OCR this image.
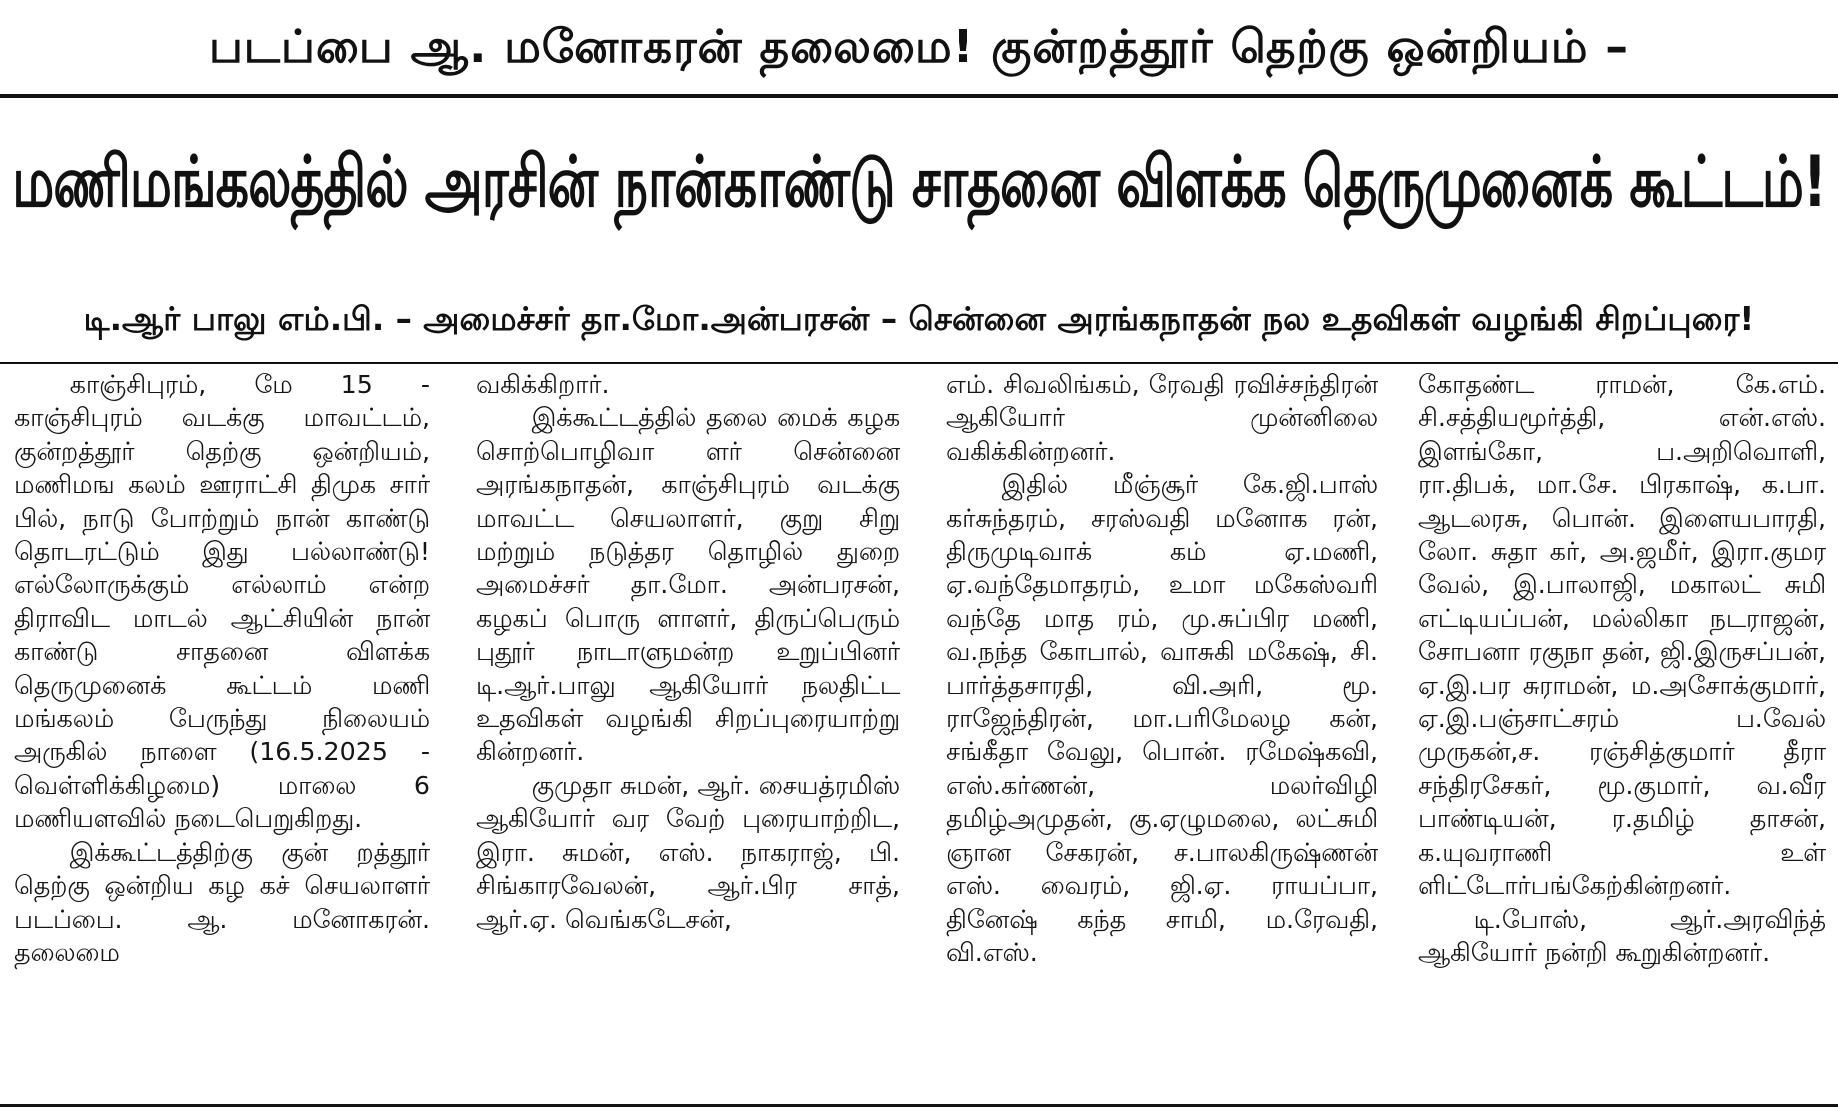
படப்பை ஆ. மனோகரன் தலைமை! குன்றத்தூர் தெற்கு ஒன்றியம் –
மணிமங்கலத்தில் அரசின் நான்காண்டு சாதனை விளக்க தெருமுனைக் கூட்டம்!
டி.ஆர் பாலு எம்.பி. – அமைச்சர் தா.மோ.அன்பரசன் – சென்னை அரங்கநாதன் நல உதவிகள் வழங்கி சிறப்புரை!

காஞ்சிபுரம், மே 15 - காஞ்சிபுரம் வடக்கு மாவட்டம், குன்றத்தூர் தெற்கு ஒன்றியம், மணிமங கலம் ஊராட்சி திமுக சார் பில், நாடு போற்றும் நான் காண்டு தொடரட்டும் இது பல்லாண்டு!எல்லோருக்கும் எல்லாம் என்ற திராவிட மாடல் ஆட்சியின் நான் காண்டு சாதனை விளக்க தெருமுனைக் கூட்டம் மணி மங்கலம் பேருந்து நிலையம் அருகில் நாளை (16.5.2025 - வெள்ளிக்கிழமை) மாலை 6 மணியளவில் நடைபெறுகிறது.

இக்கூட்டத்திற்கு குன் றத்தூர் தெற்கு ஒன்றிய கழ கச் செயலாளர் படப்பை. ஆ. மனோகரன். தலைமை

வகிக்கிறார்.

இக்கூட்டத்தில் தலை மைக் கழக சொற்பொழிவா ளர் சென்னை அரங்கநாதன், காஞ்சிபுரம் வடக்கு மாவட்ட செயலாளர், குறு சிறு மற்றும் நடுத்தர தொழில் துறை அமைச்சர் தா.மோ. அன்பரசன், கழகப் பொரு ளாளர், திருப்பெரும் புதூர் நாடாளுமன்ற உறுப்பினர் டி.ஆர்.பாலு ஆகியோர் நலதிட்ட உதவிகள் வழங்கி சிறப்புரையாற்று கின்றனர்.

குமுதா சுமன், ஆர். சையத்ரமிஸ் ஆகியோர் வர வேற் புரையாற்றிட, இரா. சுமன், எஸ். நாகராஜ், பி. சிங்காரவேலன், ஆர்.பிர சாத், ஆர்.ஏ. வெங்கடேசன்,

எம். சிவலிங்கம், ரேவதி ரவிச்சந்திரன் ஆகியோர் முன்னிலை வகிக்கின்றனர்.

இதில் மீஞ்சூர் கே.ஜி.பாஸ் கர்சுந்தரம், சரஸ்வதி மனோக ரன், திருமுடிவாக் கம் ஏ.மணி, ஏ.வந்தேமாதரம், உமா மகேஸ்வரி வந்தே மாத ரம், மு.சுப்பிர மணி, வ.நந்த கோபால், வாசுகி மகேஷ், சி. பார்த்தசாரதி, வி.அரி, மூ. ராஜேந்திரன், மா.பரிமேலழ கன், சங்கீதா வேலு, பொன். ரமேஷ்கவி, எஸ்.கர்ணன், மலர்விழி தமிழ்அமுதன், கு.ஏழுமலை, லட்சுமி ஞான சேகரன், ச.பாலகிருஷ்ணன் எஸ். வைரம், ஜி.ஏ. ராயப்பா, தினேஷ் கந்த சாமி, ம.ரேவதி, வி.எஸ்.

கோதண்ட ராமன், கே.எம். சி.சத்தியமூர்த்தி, என்.எஸ். இளங்கோ, ப.அறிவொளி, ரா.திபக், மா.சே. பிரகாஷ், க.பா. ஆடலரசு, பொன். இளையபாரதி, லோ. சுதா கர், அ.ஜமீர், இரா.குமர வேல், இ.பாலாஜி, மகாலட் சுமி எட்டியப்பன், மல்லிகா நடராஜன், சோபனா ரகுநா தன், ஜி.இருசப்பன், ஏ.இ.பர சுராமன், ம.அசோக்குமார், ஏ.இ.பஞ்சாட்சரம் ப.வேல் முருகன்,ச. ரஞ்சித்குமார் தீரா சந்திரசேகர், மூ.குமார், வ.வீர பாண்டியன், ர.தமிழ் தாசன், க.யுவராணி உள் ளிட்டோர்பங்கேற்கின்றனர்.

டி.போஸ், ஆர்.அரவிந்த் ஆகியோர் நன்றி கூறுகின்றனர்.
